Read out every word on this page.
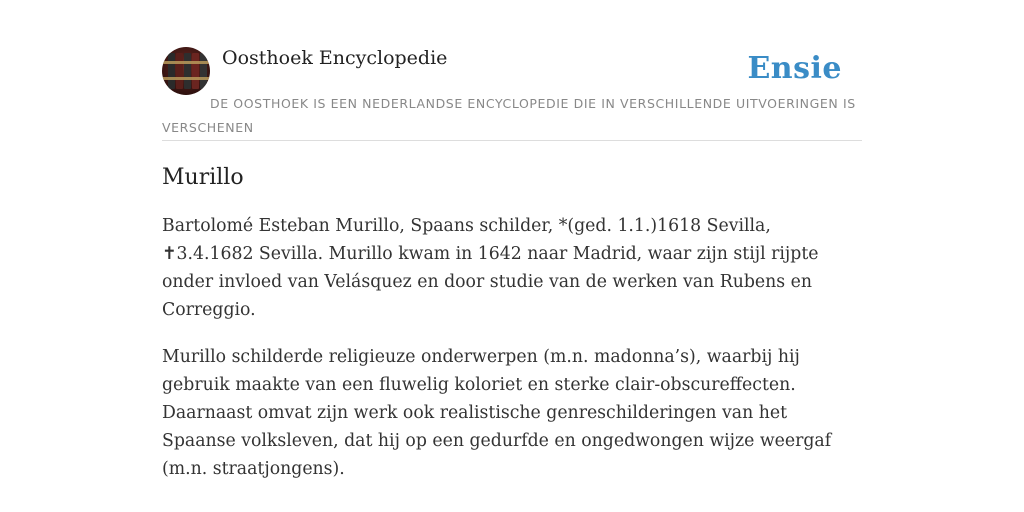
Oosthoek Encyclopedie	Ensie
DE OOSTHOEK IS EEN NEDERLANDSE ENCYCLOPEDIE DIE IN VERSCHILLENDE UITVOERINGEN IS VERSCHENEN
Murillo

Bartolomé Esteban Murillo, Spaans schilder, *(ged. 1.1.)1618 Sevilla, ✝3.4.1682 Sevilla. Murillo kwam in 1642 naar Madrid, waar zijn stijl rijpte onder invloed van Velásquez en door studie van de werken van Rubens en Correggio.

Murillo schilderde religieuze onderwerpen (m.n. madonna’s), waarbij hij gebruik maakte van een fluwelig koloriet en sterke clair-obscureffecten. Daarnaast omvat zijn werk ook realistische genreschilderingen van het Spaanse volksleven, dat hij op een gedurfde en ongedwongen wijze weergaf (m.n. straatjongens).
